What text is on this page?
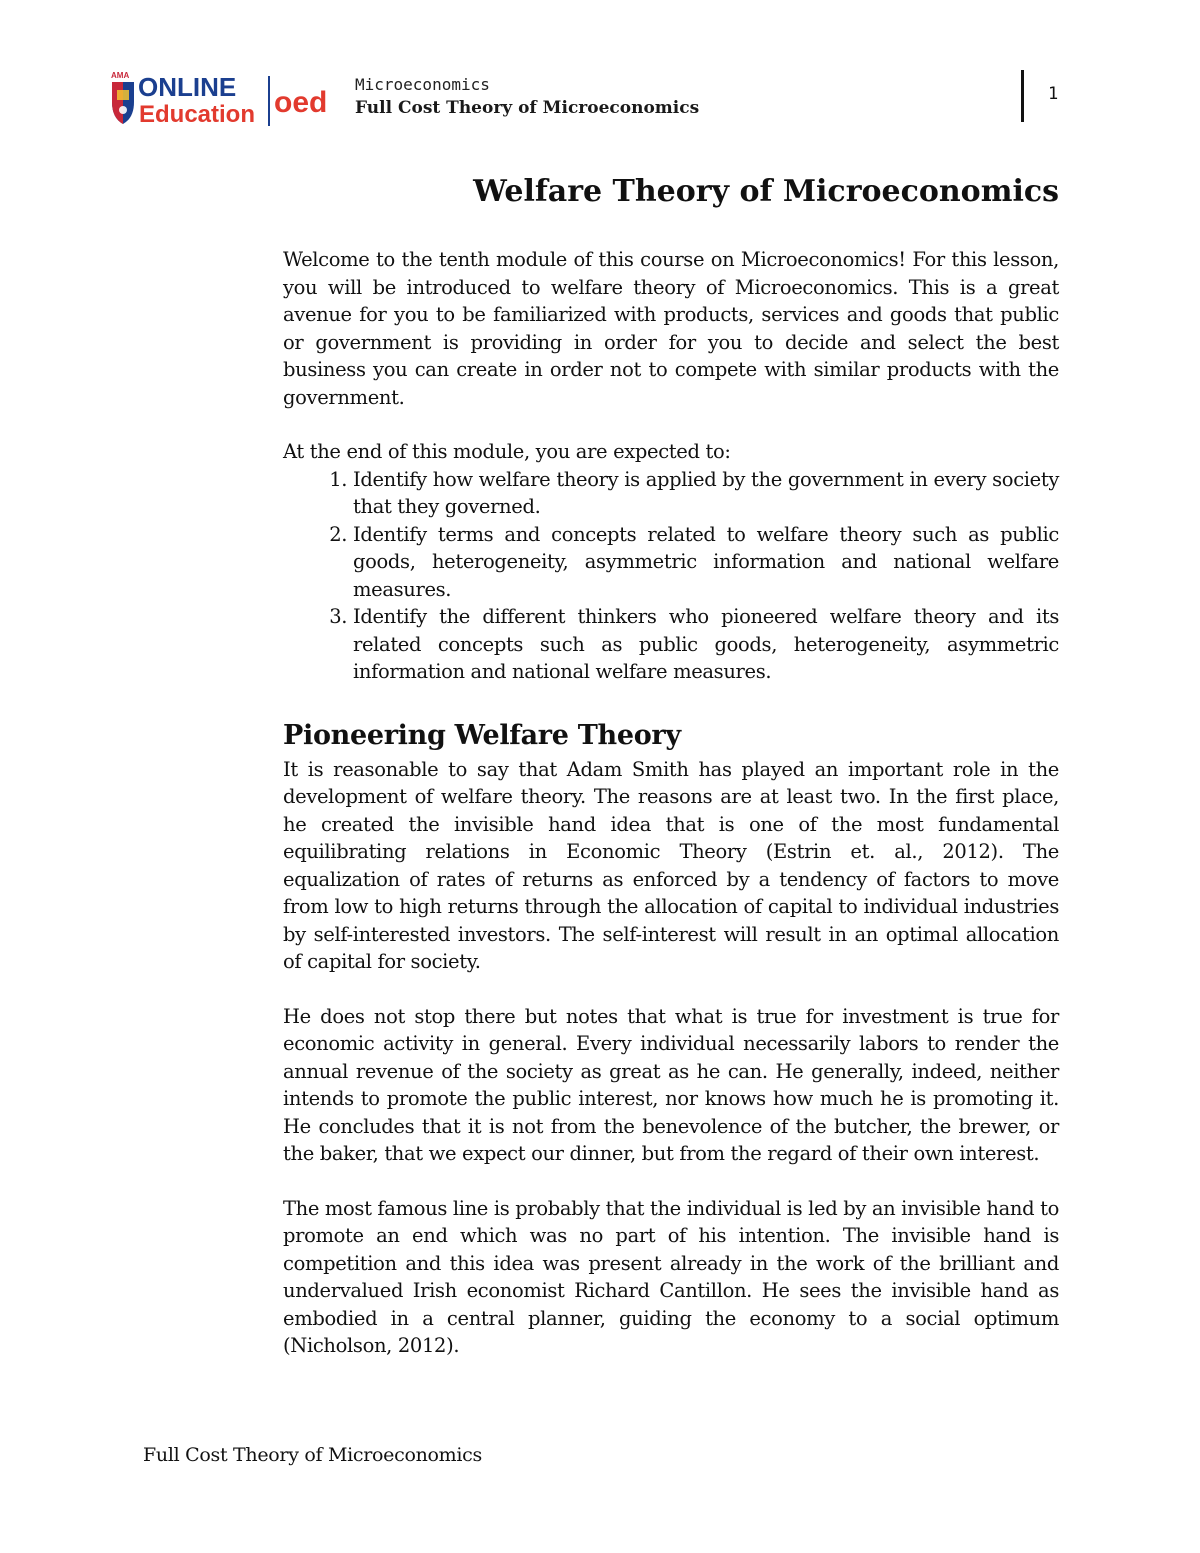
AMA ONLINE
Education oed
Microeconomics
Full Cost Theory of Microeconomics
1
Welfare Theory of Microeconomics

Welcome to the tenth module of this course on Microeconomics! For this lesson, you will be introduced to welfare theory of Microeconomics. This is a great avenue for you to be familiarized with products, services and goods that public or government is providing in order for you to decide and select the best business you can create in order not to compete with similar products with the government.

At the end of this module, you are expected to:

1. Identify how welfare theory is applied by the government in every society that they governed.
2. Identify terms and concepts related to welfare theory such as public goods, heterogeneity, asymmetric information and national welfare measures.
3. Identify the different thinkers who pioneered welfare theory and its related concepts such as public goods, heterogeneity, asymmetric information and national welfare measures.
Pioneering Welfare Theory

It is reasonable to say that Adam Smith has played an important role in the development of welfare theory. The reasons are at least two. In the first place, he created the invisible hand idea that is one of the most fundamental equilibrating relations in Economic Theory (Estrin et. al., 2012). The equalization of rates of returns as enforced by a tendency of factors to move from low to high returns through the allocation of capital to individual industries by self-interested investors. The self-interest will result in an optimal allocation of capital for society.

He does not stop there but notes that what is true for investment is true for economic activity in general. Every individual necessarily labors to render the annual revenue of the society as great as he can. He generally, indeed, neither intends to promote the public interest, nor knows how much he is promoting it. He concludes that it is not from the benevolence of the butcher, the brewer, or the baker, that we expect our dinner, but from the regard of their own interest.

The most famous line is probably that the individual is led by an invisible hand to promote an end which was no part of his intention. The invisible hand is competition and this idea was present already in the work of the brilliant and undervalued Irish economist Richard Cantillon. He sees the invisible hand as embodied in a central planner, guiding the economy to a social optimum (Nicholson, 2012).

Full Cost Theory of Microeconomics
